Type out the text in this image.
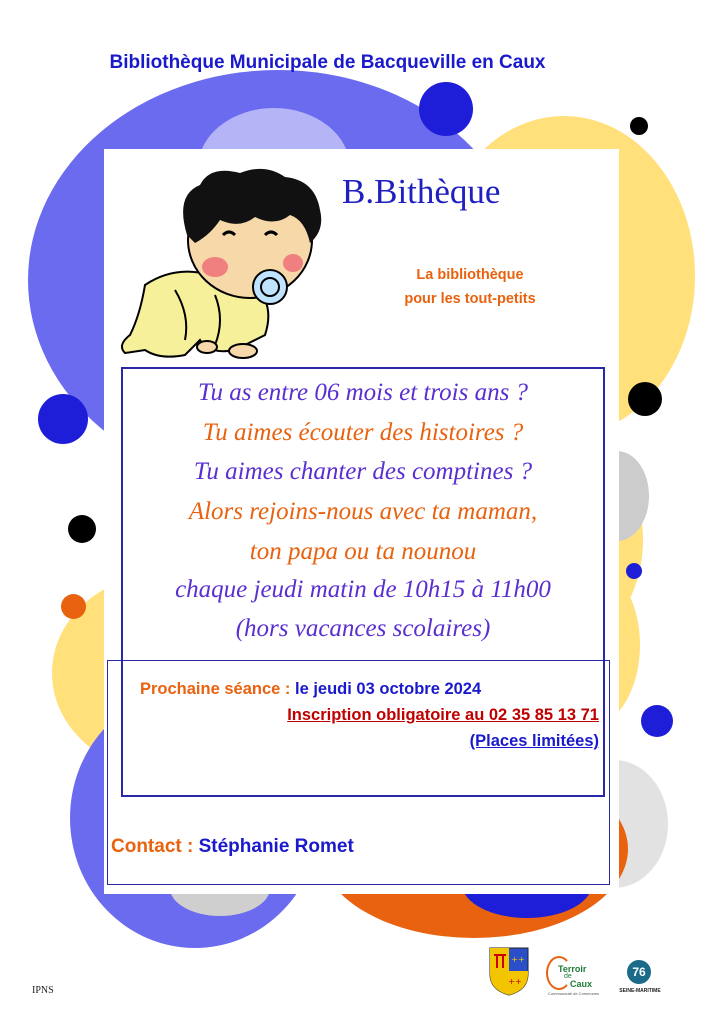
Bibliothèque Municipale de Bacqueville en Caux
B.Bithèque
La bibliothèque
pour les tout-petits
Tu as entre 06 mois et trois ans ?
Tu aimes écouter des histoires ?
Tu aimes chanter des comptines ?
Alors rejoins-nous avec ta maman,
ton papa ou ta nounou
chaque jeudi matin de 10h15 à 11h00
(hors vacances scolaires)
Prochaine séance : le jeudi 03 octobre 2024
Inscription obligatoire au 02 35 85 13 71
(Places limitées)
Contact : Stéphanie Romet
IPNS
++
++
Terroir
de
Caux
Communauté de Communes
76
SEINE-MARITIME
